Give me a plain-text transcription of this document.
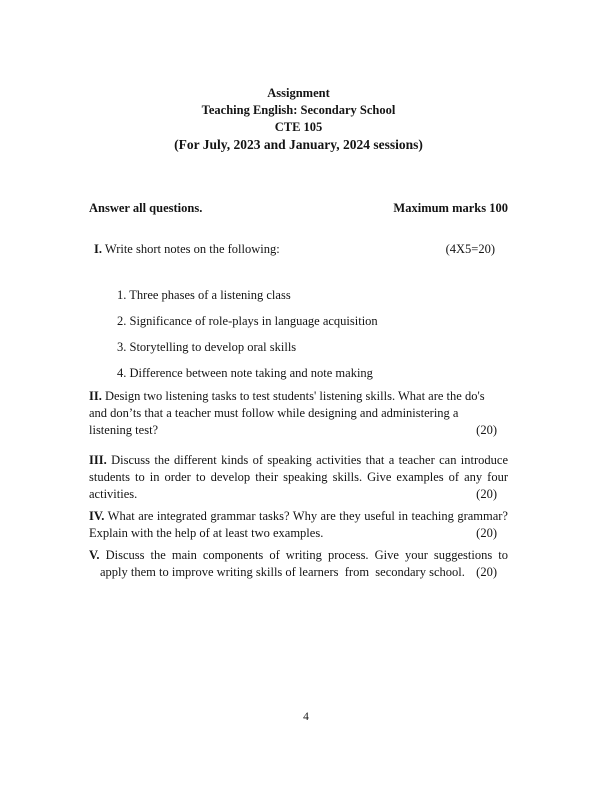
Assignment
Teaching English: Secondary School
CTE 105
(For July, 2023 and January, 2024 sessions)
Answer all questions.	Maximum marks 100
I. Write short notes on the following:	(4X5=20)
1. Three phases of a listening class
2. Significance of role-plays in language acquisition
3. Storytelling to develop oral skills
4. Difference between note taking and note making
II. Design two listening tasks to test students' listening skills. What are the do's
and don’ts that a teacher must follow while designing and administering a
listening test?	(20)
III. Discuss the different kinds of speaking activities that a teacher can introduce
students to in order to develop their speaking skills. Give examples of any four
activities.	(20)
IV. What are integrated grammar tasks? Why are they useful in teaching grammar?
Explain with the help of at least two examples.	(20)
V. Discuss the main components of writing process. Give your suggestions to
apply them to improve writing skills of learners  from  secondary school. (20)
4
